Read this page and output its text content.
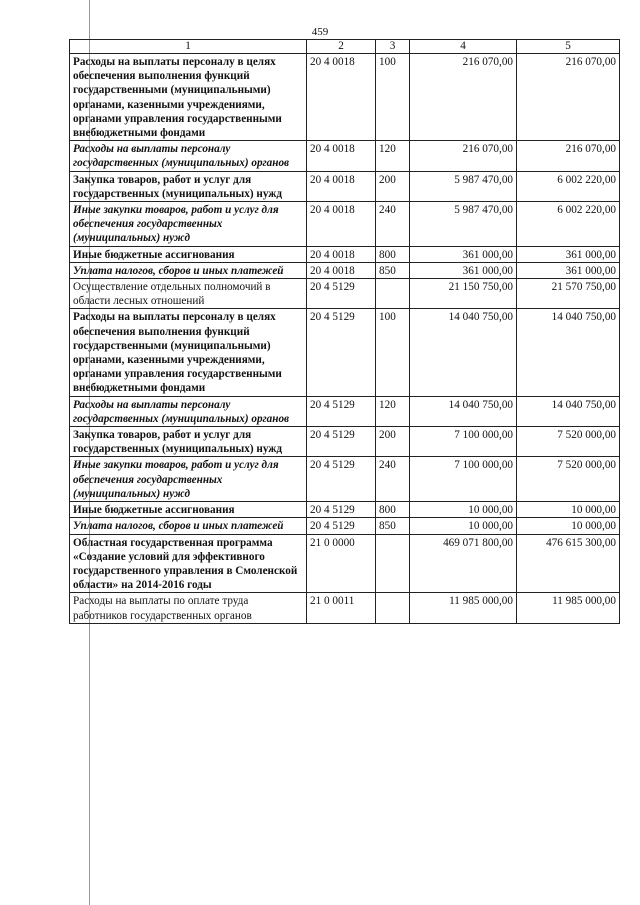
459
1	2	3	4	5
Расходы на выплаты персоналу в целях обеспечения выполнения функций государственными (муниципальными) органами, казенными учреждениями, органами управления государственными внебюджетными фондами	20 4 0018	100	216 070,00	216 070,00
Расходы на выплаты персоналу государственных (муниципальных) органов	20 4 0018	120	216 070,00	216 070,00
Закупка товаров, работ и услуг для государственных (муниципальных) нужд	20 4 0018	200	5 987 470,00	6 002 220,00
Иные закупки товаров, работ и услуг для обеспечения государственных (муниципальных) нужд	20 4 0018	240	5 987 470,00	6 002 220,00
Иные бюджетные ассигнования	20 4 0018	800	361 000,00	361 000,00
Уплата налогов, сборов и иных платежей	20 4 0018	850	361 000,00	361 000,00
Осуществление отдельных полномочий в области лесных отношений	20 4 5129		21 150 750,00	21 570 750,00
Расходы на выплаты персоналу в целях обеспечения выполнения функций государственными (муниципальными) органами, казенными учреждениями, органами управления государственными внебюджетными фондами	20 4 5129	100	14 040 750,00	14 040 750,00
Расходы на выплаты персоналу государственных (муниципальных) органов	20 4 5129	120	14 040 750,00	14 040 750,00
Закупка товаров, работ и услуг для государственных (муниципальных) нужд	20 4 5129	200	7 100 000,00	7 520 000,00
Иные закупки товаров, работ и услуг для обеспечения государственных (муниципальных) нужд	20 4 5129	240	7 100 000,00	7 520 000,00
Иные бюджетные ассигнования	20 4 5129	800	10 000,00	10 000,00
Уплата налогов, сборов и иных платежей	20 4 5129	850	10 000,00	10 000,00
Областная государственная программа «Создание условий для эффективного государственного управления в Смоленской области» на 2014-2016 годы	21 0 0000		469 071 800,00	476 615 300,00
Расходы на выплаты по оплате труда работников государственных органов	21 0 0011		11 985 000,00	11 985 000,00
